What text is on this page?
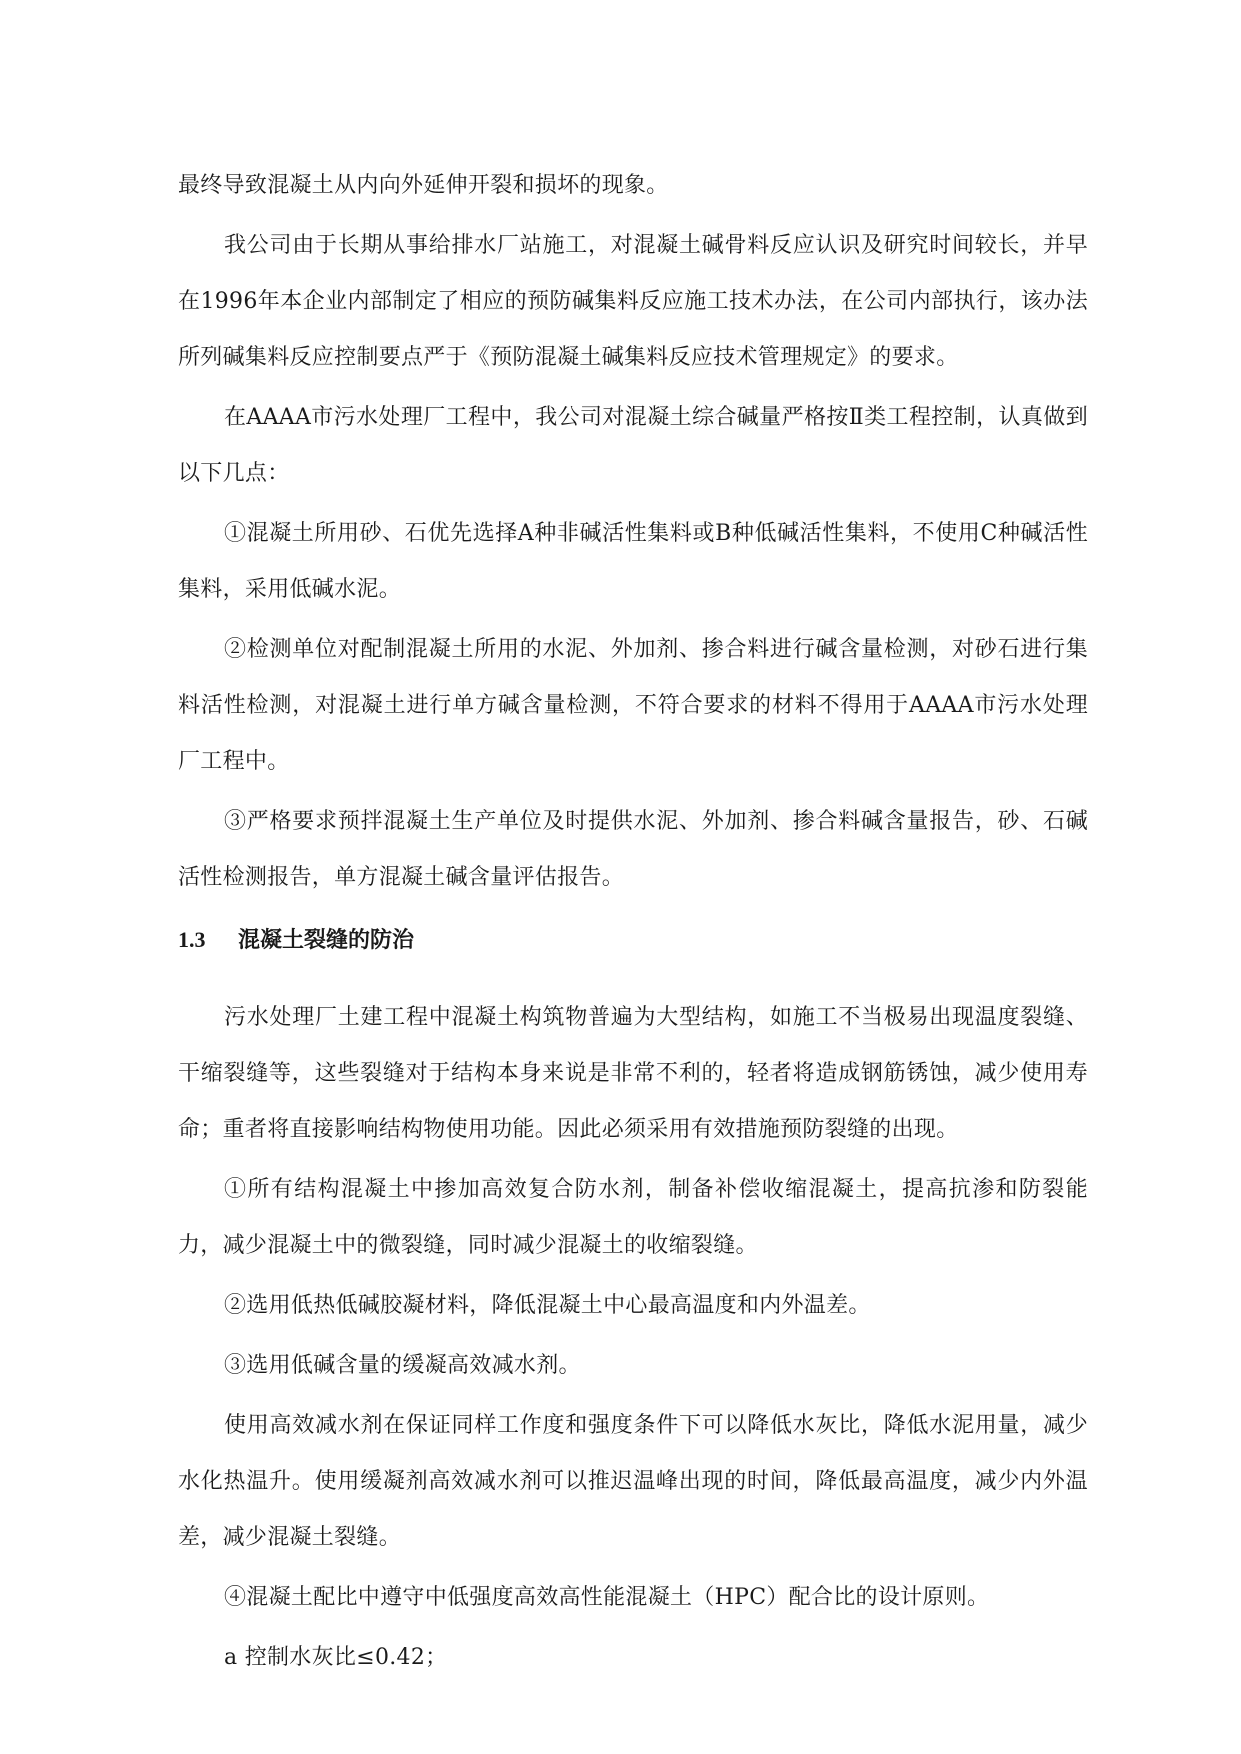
最终导致混凝土从内向外延伸开裂和损坏的现象。

我公司由于长期从事给排水厂站施工，对混凝土碱骨料反应认识及研究时间较长，并早在1996年本企业内部制定了相应的预防碱集料反应施工技术办法，在公司内部执行，该办法所列碱集料反应控制要点严于《预防混凝土碱集料反应技术管理规定》的要求。

在AAAA市污水处理厂工程中，我公司对混凝土综合碱量严格按Ⅱ类工程控制，认真做到以下几点：

①混凝土所用砂、石优先选择A种非碱活性集料或B种低碱活性集料，不使用C种碱活性集料，采用低碱水泥。

②检测单位对配制混凝土所用的水泥、外加剂、掺合料进行碱含量检测，对砂石进行集料活性检测，对混凝土进行单方碱含量检测，不符合要求的材料不得用于AAAA市污水处理厂工程中。

③严格要求预拌混凝土生产单位及时提供水泥、外加剂、掺合料碱含量报告，砂、石碱活性检测报告，单方混凝土碱含量评估报告。

1.3	混凝土裂缝的防治

污水处理厂土建工程中混凝土构筑物普遍为大型结构，如施工不当极易出现温度裂缝、干缩裂缝等，这些裂缝对于结构本身来说是非常不利的，轻者将造成钢筋锈蚀，减少使用寿命；重者将直接影响结构物使用功能。因此必须采用有效措施预防裂缝的出现。

①所有结构混凝土中掺加高效复合防水剂，制备补偿收缩混凝土，提高抗渗和防裂能力，减少混凝土中的微裂缝，同时减少混凝土的收缩裂缝。

②选用低热低碱胶凝材料，降低混凝土中心最高温度和内外温差。

③选用低碱含量的缓凝高效减水剂。

使用高效减水剂在保证同样工作度和强度条件下可以降低水灰比，降低水泥用量，减少水化热温升。使用缓凝剂高效减水剂可以推迟温峰出现的时间，降低最高温度，减少内外温差，减少混凝土裂缝。

④混凝土配比中遵守中低强度高效高性能混凝土（HPC）配合比的设计原则。

a 控制水灰比≤0.42；
